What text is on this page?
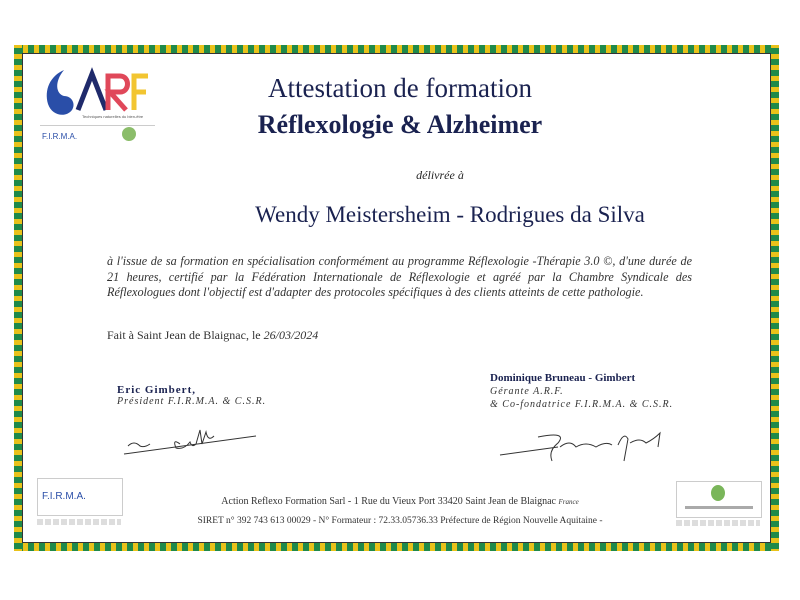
Techniques naturelles du bien-être
F.I.R.M.A.
Attestation de formation
Réflexologie & Alzheimer
délivrée à
Wendy Meistersheim - Rodrigues da Silva
à l'issue de sa formation en spécialisation conformément au programme Réflexologie -Thérapie 3.0 ©, d'une durée de 21 heures, certifié par la Fédération Internationale de Réflexologie et agréé par la Chambre Syndicale des Réflexologues dont l'objectif est d'adapter des protocoles spécifiques à des clients atteints de cette pathologie.
Fait à Saint Jean de Blaignac, le 26/03/2024
Eric Gimbert,
Président F.I.R.M.A. & C.S.R.
Dominique Bruneau - Gimbert
Gérante A.R.F.
& Co-fondatrice F.I.R.M.A. & C.S.R.
F.I.R.M.A.	Action Reflexo Formation Sarl - 1 Rue du Vieux Port 33420 Saint Jean de Blaignac France
SIRET n° 392 743 613 00029 - N° Formateur : 72.33.05736.33 Préfecture de Région Nouvelle Aquitaine -
